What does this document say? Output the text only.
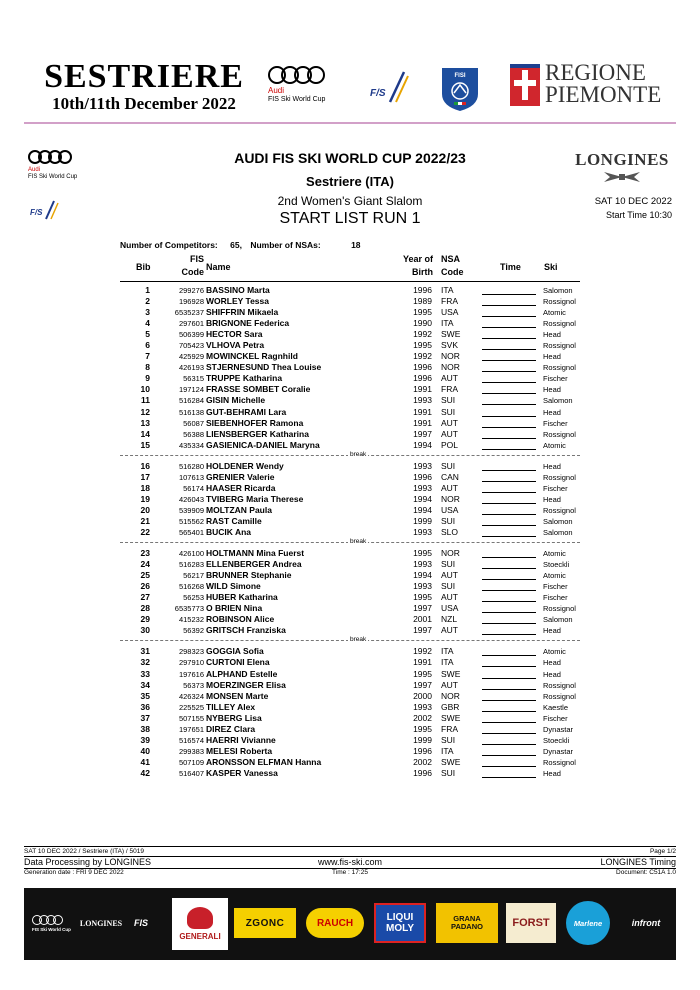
SESTRIERE
10th/11th December 2022
Audi
FIS Ski World Cup
F/S
FISI	REGIONE
PIEMONTE
Audi
FIS Ski World Cup
F/S
LONGINES
AUDI FIS SKI WORLD CUP 2022/23
Sestriere (ITA)
2nd Women's Giant Slalom
START LIST RUN 1
SAT 10 DEC 2022
Start Time 10:30
Number of Competitors: 65, Number of NSAs:	18
Bib
FIS
Code Name
Year of
Birth
NSA
Code	Time	Ski
1	299276 BASSINO Marta	1996 ITA	Salomon
2	196928 WORLEY Tessa	1989 FRA	Rossignol
3	6535237 SHIFFRIN Mikaela	1995 USA	Atomic
4	297601 BRIGNONE Federica	1990 ITA	Rossignol
5	506399 HECTOR Sara	1992 SWE	Head
6	705423 VLHOVA Petra	1995 SVK	Rossignol
7	425929 MOWINCKEL Ragnhild	1992 NOR	Head
8	426193 STJERNESUND Thea Louise	1996 NOR	Rossignol
9	56315 TRUPPE Katharina	1996 AUT	Fischer
10	197124 FRASSE SOMBET Coralie	1991 FRA	Head
11	516284 GISIN Michelle	1993 SUI	Salomon
12	516138 GUT-BEHRAMI Lara	1991 SUI	Head
13	56087 SIEBENHOFER Ramona	1991 AUT	Fischer
14	56388 LIENSBERGER Katharina	1997 AUT	Rossignol
15	435334 GASIENICA-DANIEL Maryna	1994 POL	Atomic
break
16	516280 HOLDENER Wendy	1993 SUI	Head
17	107613 GRENIER Valerie	1996 CAN	Rossignol
18	56174 HAASER Ricarda	1993 AUT	Fischer
19	426043 TVIBERG Maria Therese	1994 NOR	Head
20	539909 MOLTZAN Paula	1994 USA	Rossignol
21	515562 RAST Camille	1999 SUI	Salomon
22	565401 BUCIK Ana	1993 SLO	Salomon
break
23	426100 HOLTMANN Mina Fuerst	1995 NOR	Atomic
24	516283 ELLENBERGER Andrea	1993 SUI	Stoeckli
25	56217 BRUNNER Stephanie	1994 AUT	Atomic
26	516268 WILD Simone	1993 SUI	Fischer
27	56253 HUBER Katharina	1995 AUT	Fischer
28	6535773 O BRIEN Nina	1997 USA	Rossignol
29	415232 ROBINSON Alice	2001 NZL	Salomon
30	56392 GRITSCH Franziska	1997 AUT	Head
break
31	298323 GOGGIA Sofia	1992 ITA	Atomic
32	297910 CURTONI Elena	1991 ITA	Head
33	197616 ALPHAND Estelle	1995 SWE	Head
34	56373 MOERZINGER Elisa	1997 AUT	Rossignol
35	426324 MONSEN Marte	2000 NOR	Rossignol
36	225525 TILLEY Alex	1993 GBR	Kaestle
37	507155 NYBERG Lisa	2002 SWE	Fischer
38	197651 DIREZ Clara	1995 FRA	Dynastar
39	516574 HAERRI Vivianne	1999 SUI	Stoeckli
40	299383 MELESI Roberta	1996 ITA	Dynastar
41	507109 ARONSSON ELFMAN Hanna	2002 SWE	Rossignol
42	516407 KASPER Vanessa	1996 SUI	Head
SAT 10 DEC 2022 / Sestriere (ITA) / 5019	Page 1/2
Data Processing by LONGINES	www.fis-ski.com	LONGINES Timing
Generation date : FRI 9 DEC 2022	Time : 17:25	Document: C51A 1.0
FIS Ski World Cup
LONGINES	FIS
GENERALI
ZGONC	RAUCH	LIQUI
MOLY
GRANA
PADANO	FORST	Marlene	infront
